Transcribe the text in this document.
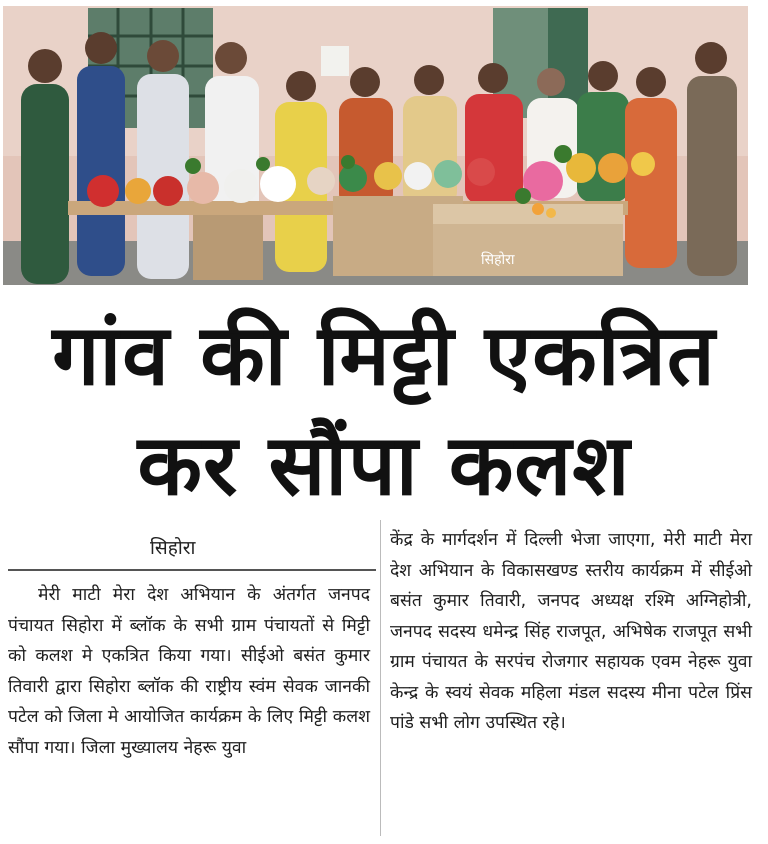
सिहोरा
गांव की मिट्टी एकत्रित
कर सौंपा कलश
सिहोरा
मेरी माटी मेरा देश अभियान के अंतर्गत जनपद पंचायत सिहोरा में ब्लॉक के सभी ग्राम पंचायतों से मिट्टी को कलश मे एकत्रित किया गया। सीईओ बसंत कुमार तिवारी द्वारा सिहोरा ब्लॉक की राष्ट्रीय स्वंम सेवक जानकी पटेल को जिला मे आयोजित कार्यक्रम के लिए मिट्टी कलश सौंपा गया। जिला मुख्यालय नेहरू युवा
केंद्र के मार्गदर्शन में दिल्ली भेजा जाएगा, मेरी माटी मेरा देश अभियान के विकासखण्ड स्तरीय कार्यक्रम में सीईओ बसंत कुमार तिवारी, जनपद अध्यक्ष रश्मि अग्निहोत्री, जनपद सदस्य धमेन्द्र सिंह राजपूत, अभिषेक राजपूत सभी ग्राम पंचायत के सरपंच रोजगार सहायक एवम नेहरू युवा केन्द्र के स्वयं सेवक महिला मंडल सदस्य मीना पटेल प्रिंस पांडे सभी लोग उपस्थित रहे।
